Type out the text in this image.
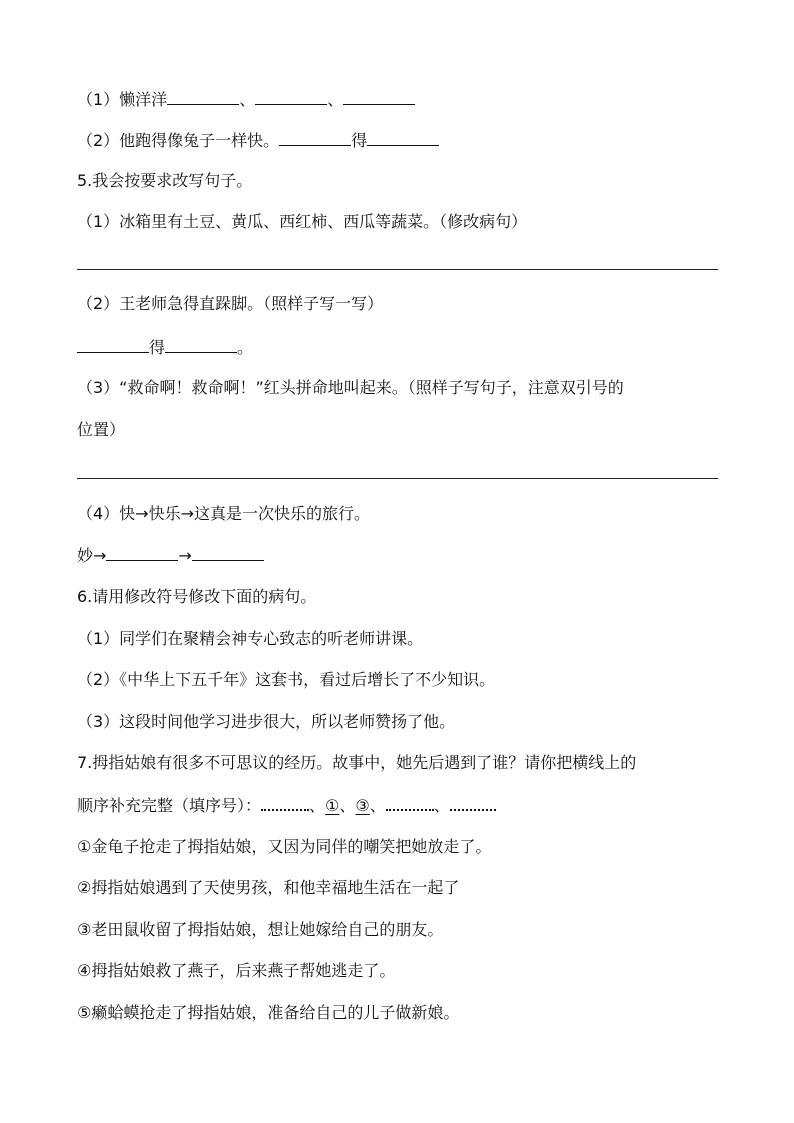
（1）懒洋洋	、	、
（2）他跑得像兔子一样快。	得
5.我会按要求改写句子。
（1）冰箱里有土豆、黄瓜、西红柿、西瓜等蔬菜。（修改病句）
（2）王老师急得直跺脚。（照样子写一写）
得	。
（3）“救命啊！救命啊！”红头拼命地叫起来。（照样子写句子，注意双引号的
位置）
（4）快→快乐→这真是一次快乐的旅行。
妙→	→
6.请用修改符号修改下面的病句。
（1）同学们在聚精会神专心致志的听老师讲课。
（2）《中华上下五千年》这套书，看过后增长了不少知识。
（3）这段时间他学习进步很大，所以老师赞扬了他。
7.拇指姑娘有很多不可思议的经历。故事中，她先后遇到了谁？请你把横线上的
顺序补充完整（填序号）：	、①、③、	、
①金龟子抢走了拇指姑娘，又因为同伴的嘲笑把她放走了。
②拇指姑娘遇到了天使男孩，和他幸福地生活在一起了
③老田鼠收留了拇指姑娘，想让她嫁给自己的朋友。
④拇指姑娘救了燕子，后来燕子帮她逃走了。
⑤癞蛤蟆抢走了拇指姑娘，准备给自己的儿子做新娘。
